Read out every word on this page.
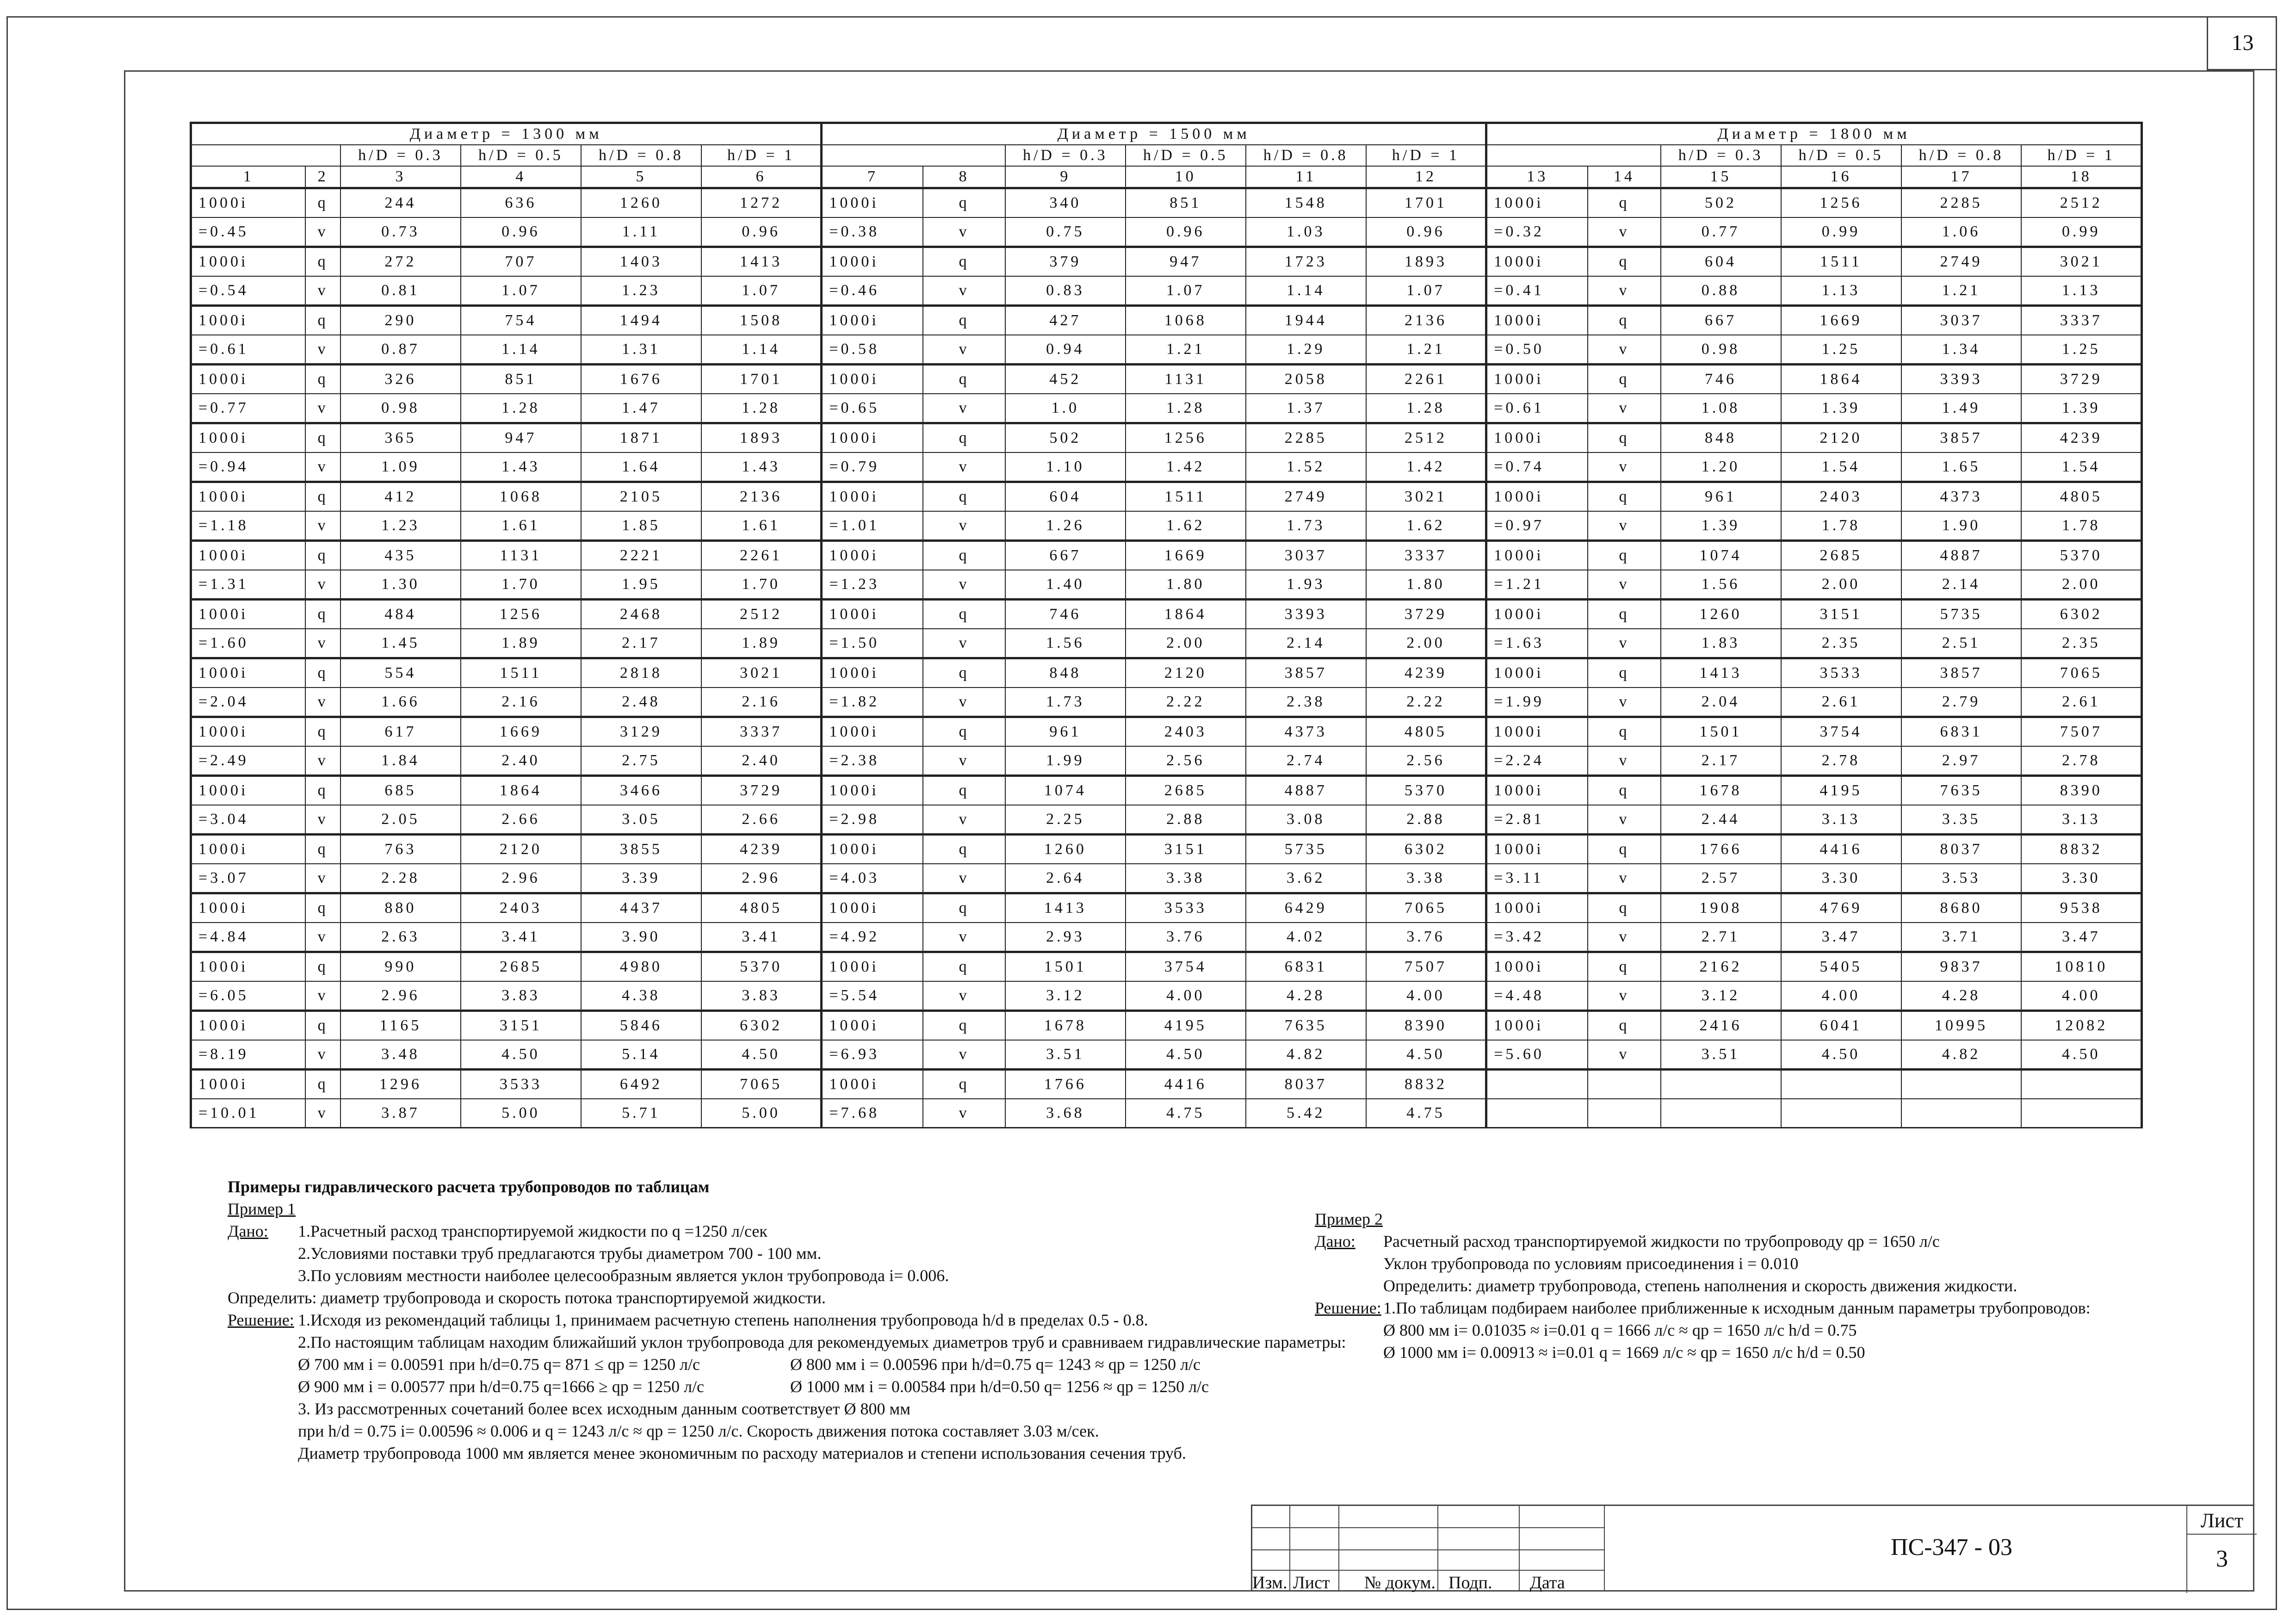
13
Диаметр = 1300 мм						Диаметр = 1500 мм						Диаметр = 1800 мм					
		h/D = 0.3	h/D = 0.5	h/D = 0.8	h/D = 1			h/D = 0.3	h/D = 0.5	h/D = 0.8	h/D = 1			h/D = 0.3	h/D = 0.5	h/D = 0.8	h/D = 1
1	2	3	4	5	6	7	8	9	10	11	12	13	14	15	16	17	18
1000i	q	244	636	1260	1272	1000i	q	340	851	1548	1701	1000i	q	502	1256	2285	2512
=0.45	v	0.73	0.96	1.11	0.96	=0.38	v	0.75	0.96	1.03	0.96	=0.32	v	0.77	0.99	1.06	0.99
1000i	q	272	707	1403	1413	1000i	q	379	947	1723	1893	1000i	q	604	1511	2749	3021
=0.54	v	0.81	1.07	1.23	1.07	=0.46	v	0.83	1.07	1.14	1.07	=0.41	v	0.88	1.13	1.21	1.13
1000i	q	290	754	1494	1508	1000i	q	427	1068	1944	2136	1000i	q	667	1669	3037	3337
=0.61	v	0.87	1.14	1.31	1.14	=0.58	v	0.94	1.21	1.29	1.21	=0.50	v	0.98	1.25	1.34	1.25
1000i	q	326	851	1676	1701	1000i	q	452	1131	2058	2261	1000i	q	746	1864	3393	3729
=0.77	v	0.98	1.28	1.47	1.28	=0.65	v	1.0	1.28	1.37	1.28	=0.61	v	1.08	1.39	1.49	1.39
1000i	q	365	947	1871	1893	1000i	q	502	1256	2285	2512	1000i	q	848	2120	3857	4239
=0.94	v	1.09	1.43	1.64	1.43	=0.79	v	1.10	1.42	1.52	1.42	=0.74	v	1.20	1.54	1.65	1.54
1000i	q	412	1068	2105	2136	1000i	q	604	1511	2749	3021	1000i	q	961	2403	4373	4805
=1.18	v	1.23	1.61	1.85	1.61	=1.01	v	1.26	1.62	1.73	1.62	=0.97	v	1.39	1.78	1.90	1.78
1000i	q	435	1131	2221	2261	1000i	q	667	1669	3037	3337	1000i	q	1074	2685	4887	5370
=1.31	v	1.30	1.70	1.95	1.70	=1.23	v	1.40	1.80	1.93	1.80	=1.21	v	1.56	2.00	2.14	2.00
1000i	q	484	1256	2468	2512	1000i	q	746	1864	3393	3729	1000i	q	1260	3151	5735	6302
=1.60	v	1.45	1.89	2.17	1.89	=1.50	v	1.56	2.00	2.14	2.00	=1.63	v	1.83	2.35	2.51	2.35
1000i	q	554	1511	2818	3021	1000i	q	848	2120	3857	4239	1000i	q	1413	3533	3857	7065
=2.04	v	1.66	2.16	2.48	2.16	=1.82	v	1.73	2.22	2.38	2.22	=1.99	v	2.04	2.61	2.79	2.61
1000i	q	617	1669	3129	3337	1000i	q	961	2403	4373	4805	1000i	q	1501	3754	6831	7507
=2.49	v	1.84	2.40	2.75	2.40	=2.38	v	1.99	2.56	2.74	2.56	=2.24	v	2.17	2.78	2.97	2.78
1000i	q	685	1864	3466	3729	1000i	q	1074	2685	4887	5370	1000i	q	1678	4195	7635	8390
=3.04	v	2.05	2.66	3.05	2.66	=2.98	v	2.25	2.88	3.08	2.88	=2.81	v	2.44	3.13	3.35	3.13
1000i	q	763	2120	3855	4239	1000i	q	1260	3151	5735	6302	1000i	q	1766	4416	8037	8832
=3.07	v	2.28	2.96	3.39	2.96	=4.03	v	2.64	3.38	3.62	3.38	=3.11	v	2.57	3.30	3.53	3.30
1000i	q	880	2403	4437	4805	1000i	q	1413	3533	6429	7065	1000i	q	1908	4769	8680	9538
=4.84	v	2.63	3.41	3.90	3.41	=4.92	v	2.93	3.76	4.02	3.76	=3.42	v	2.71	3.47	3.71	3.47
1000i	q	990	2685	4980	5370	1000i	q	1501	3754	6831	7507	1000i	q	2162	5405	9837	10810
=6.05	v	2.96	3.83	4.38	3.83	=5.54	v	3.12	4.00	4.28	4.00	=4.48	v	3.12	4.00	4.28	4.00
1000i	q	1165	3151	5846	6302	1000i	q	1678	4195	7635	8390	1000i	q	2416	6041	10995	12082
=8.19	v	3.48	4.50	5.14	4.50	=6.93	v	3.51	4.50	4.82	4.50	=5.60	v	3.51	4.50	4.82	4.50
1000i	q	1296	3533	6492	7065	1000i	q	1766	4416	8037	8832						
=10.01	v	3.87	5.00	5.71	5.00	=7.68	v	3.68	4.75	5.42	4.75						
Примеры гидравлического расчета трубопроводов по таблицам
Пример 1
Дано: 1.Расчетный расход транспортируемой жидкости по q =1250 л/сек
2.Условиями поставки труб предлагаются трубы диаметром 700 - 100 мм.
3.По условиям местности наиболее целесообразным является уклон трубопровода i= 0.006.
Определить: диаметр трубопровода и скорость потока транспортируемой жидкости.
Решение: 1.Исходя из рекомендаций таблицы 1, принимаем расчетную степень наполнения трубопровода h/d в пределах 0.5 - 0.8.
2.По настоящим таблицам находим ближайший уклон трубопровода для рекомендуемых диаметров труб и сравниваем гидравлические параметры:
Ø 700 мм i = 0.00591 при h/d=0.75 q= 871 ≤ qp = 1250 л/с	Ø 800 мм i = 0.00596 при h/d=0.75 q= 1243 ≈ qp = 1250 л/с
Ø 900 мм i = 0.00577 при h/d=0.75 q=1666 ≥ qp = 1250 л/с	Ø 1000 мм i = 0.00584 при h/d=0.50 q= 1256 ≈ qp = 1250 л/с
3. Из рассмотренных сочетаний более всех исходным данным соответствует Ø 800 мм
при h/d = 0.75 i= 0.00596 ≈ 0.006 и q = 1243 л/с ≈ qp = 1250 л/с. Скорость движения потока составляет 3.03 м/сек.
Диаметр трубопровода 1000 мм является менее экономичным по расходу материалов и степени использования сечения труб.
Пример 2
Дано: Расчетный расход транспортируемой жидкости по трубопроводу qp = 1650 л/с
Уклон трубопровода по условиям присоединения i = 0.010
Определить: диаметр трубопровода, степень наполнения и скорость движения жидкости.
Решение: 1.По таблицам подбираем наиболее приближенные к исходным данным параметры трубопроводов:
Ø 800 мм i= 0.01035 ≈ i=0.01 q = 1666 л/с ≈ qp = 1650 л/с h/d = 0.75
Ø 1000 мм i= 0.00913 ≈ i=0.01 q = 1669 л/с ≈ qp = 1650 л/с h/d = 0.50
Изм. Лист № докум. Подп. Дата
ПС-347 - 03
Лист
3
